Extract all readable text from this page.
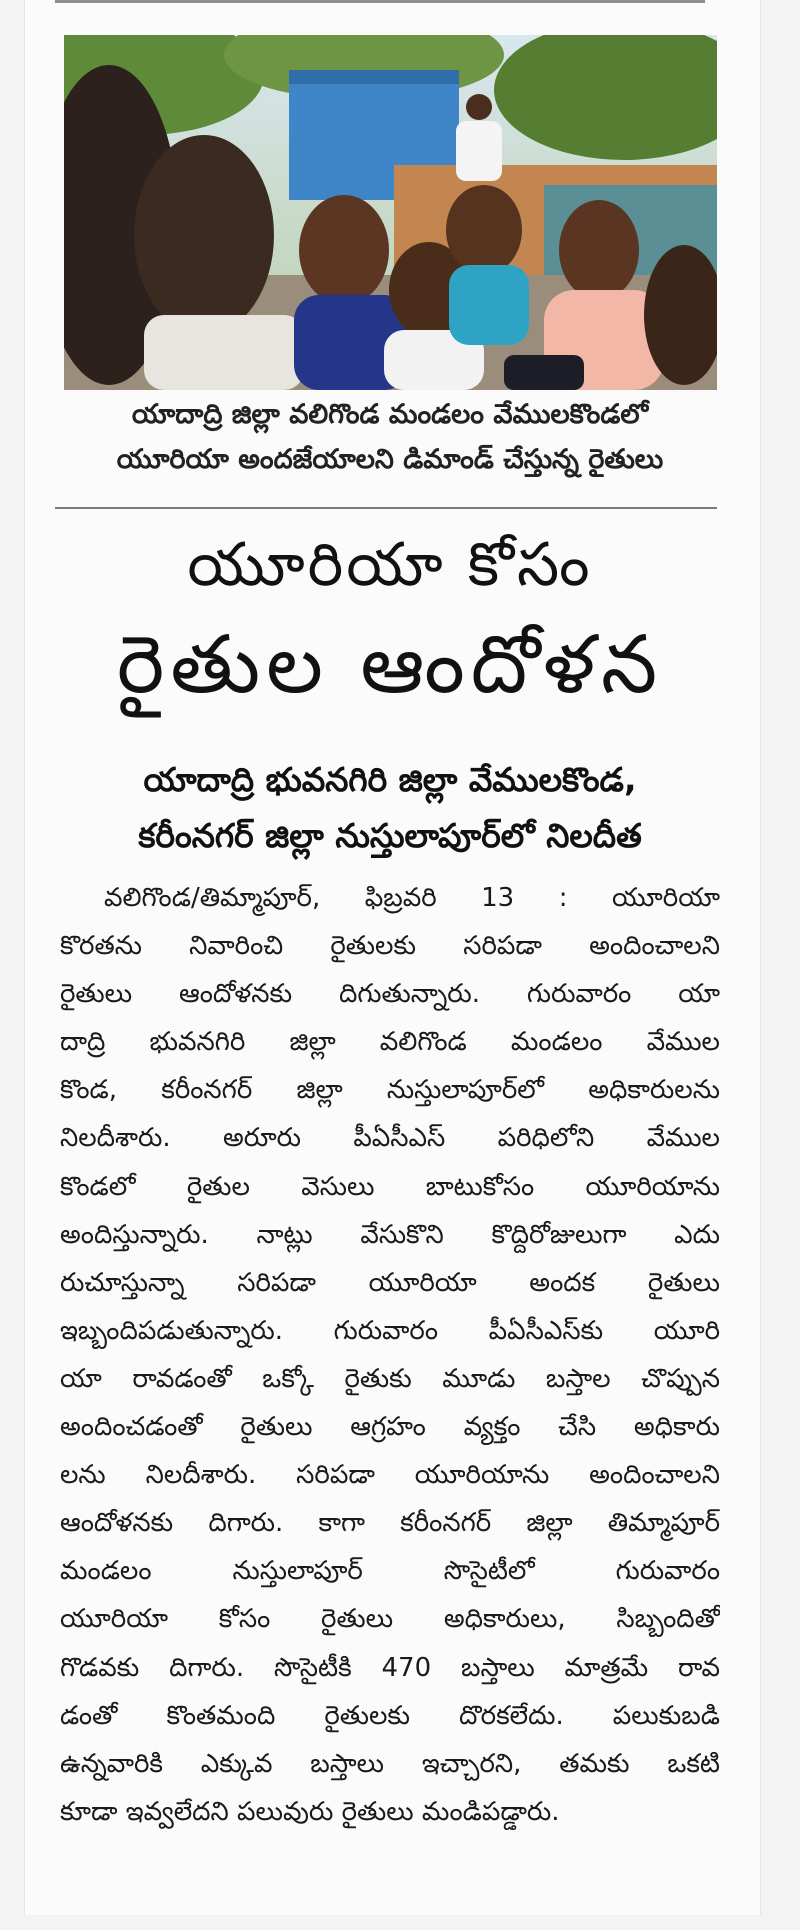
యాదాద్రి జిల్లా వలిగొండ మండలం వేములకొండలో
యూరియా అందజేయాలని డిమాండ్‌ చేస్తున్న రైతులు
యూరియా కోసం
రైతుల ఆందోళన
యాదాద్రి భువనగిరి జిల్లా వేములకొండ,
కరీంనగర్‌ జిల్లా నుస్తులాపూర్‌లో నిలదీత
వలిగొండ/తిమ్మాపూర్‌, ఫిబ్రవరి 13 : యూరియా
కొరతను నివారించి రైతులకు సరిపడా అందించాలని
రైతులు ఆందోళనకు దిగుతున్నారు. గురువారం యా
దాద్రి భువనగిరి జిల్లా వలిగొండ మండలం వేముల
కొండ, కరీంనగర్‌ జిల్లా నుస్తులాపూర్‌లో అధికారులను
నిలదీశారు. అరూరు పీఏసీఎస్‌ పరిధిలోని వేముల
కొండలో రైతుల వెసులు బాటుకోసం యూరియాను
అందిస్తున్నారు. నాట్లు వేసుకొని కొద్దిరోజులుగా ఎదు
రుచూస్తున్నా సరిపడా యూరియా అందక రైతులు
ఇబ్బందిపడుతున్నారు. గురువారం పీఏసీఎస్‌కు యూరి
యా రావడంతో ఒక్కో రైతుకు మూడు బస్తాల చొప్పున
అందించడంతో రైతులు ఆగ్రహం వ్యక్తం చేసి అధికారు
లను నిలదీశారు. సరిపడా యూరియాను అందించాలని
ఆందోళనకు దిగారు. కాగా కరీంనగర్‌ జిల్లా తిమ్మాపూర్‌
మండలం నుస్తులాపూర్‌ సొసైటీలో గురువారం
యూరియా కోసం రైతులు అధికారులు, సిబ్బందితో
గొడవకు దిగారు. సొసైటీకి 470 బస్తాలు మాత్రమే రావ
డంతో కొంతమంది రైతులకు దొరకలేదు. పలుకుబడి
ఉన్నవారికి ఎక్కువ బస్తాలు ఇచ్చారని, తమకు ఒకటి
కూడా ఇవ్వలేదని పలువురు రైతులు మండిపడ్డారు.
